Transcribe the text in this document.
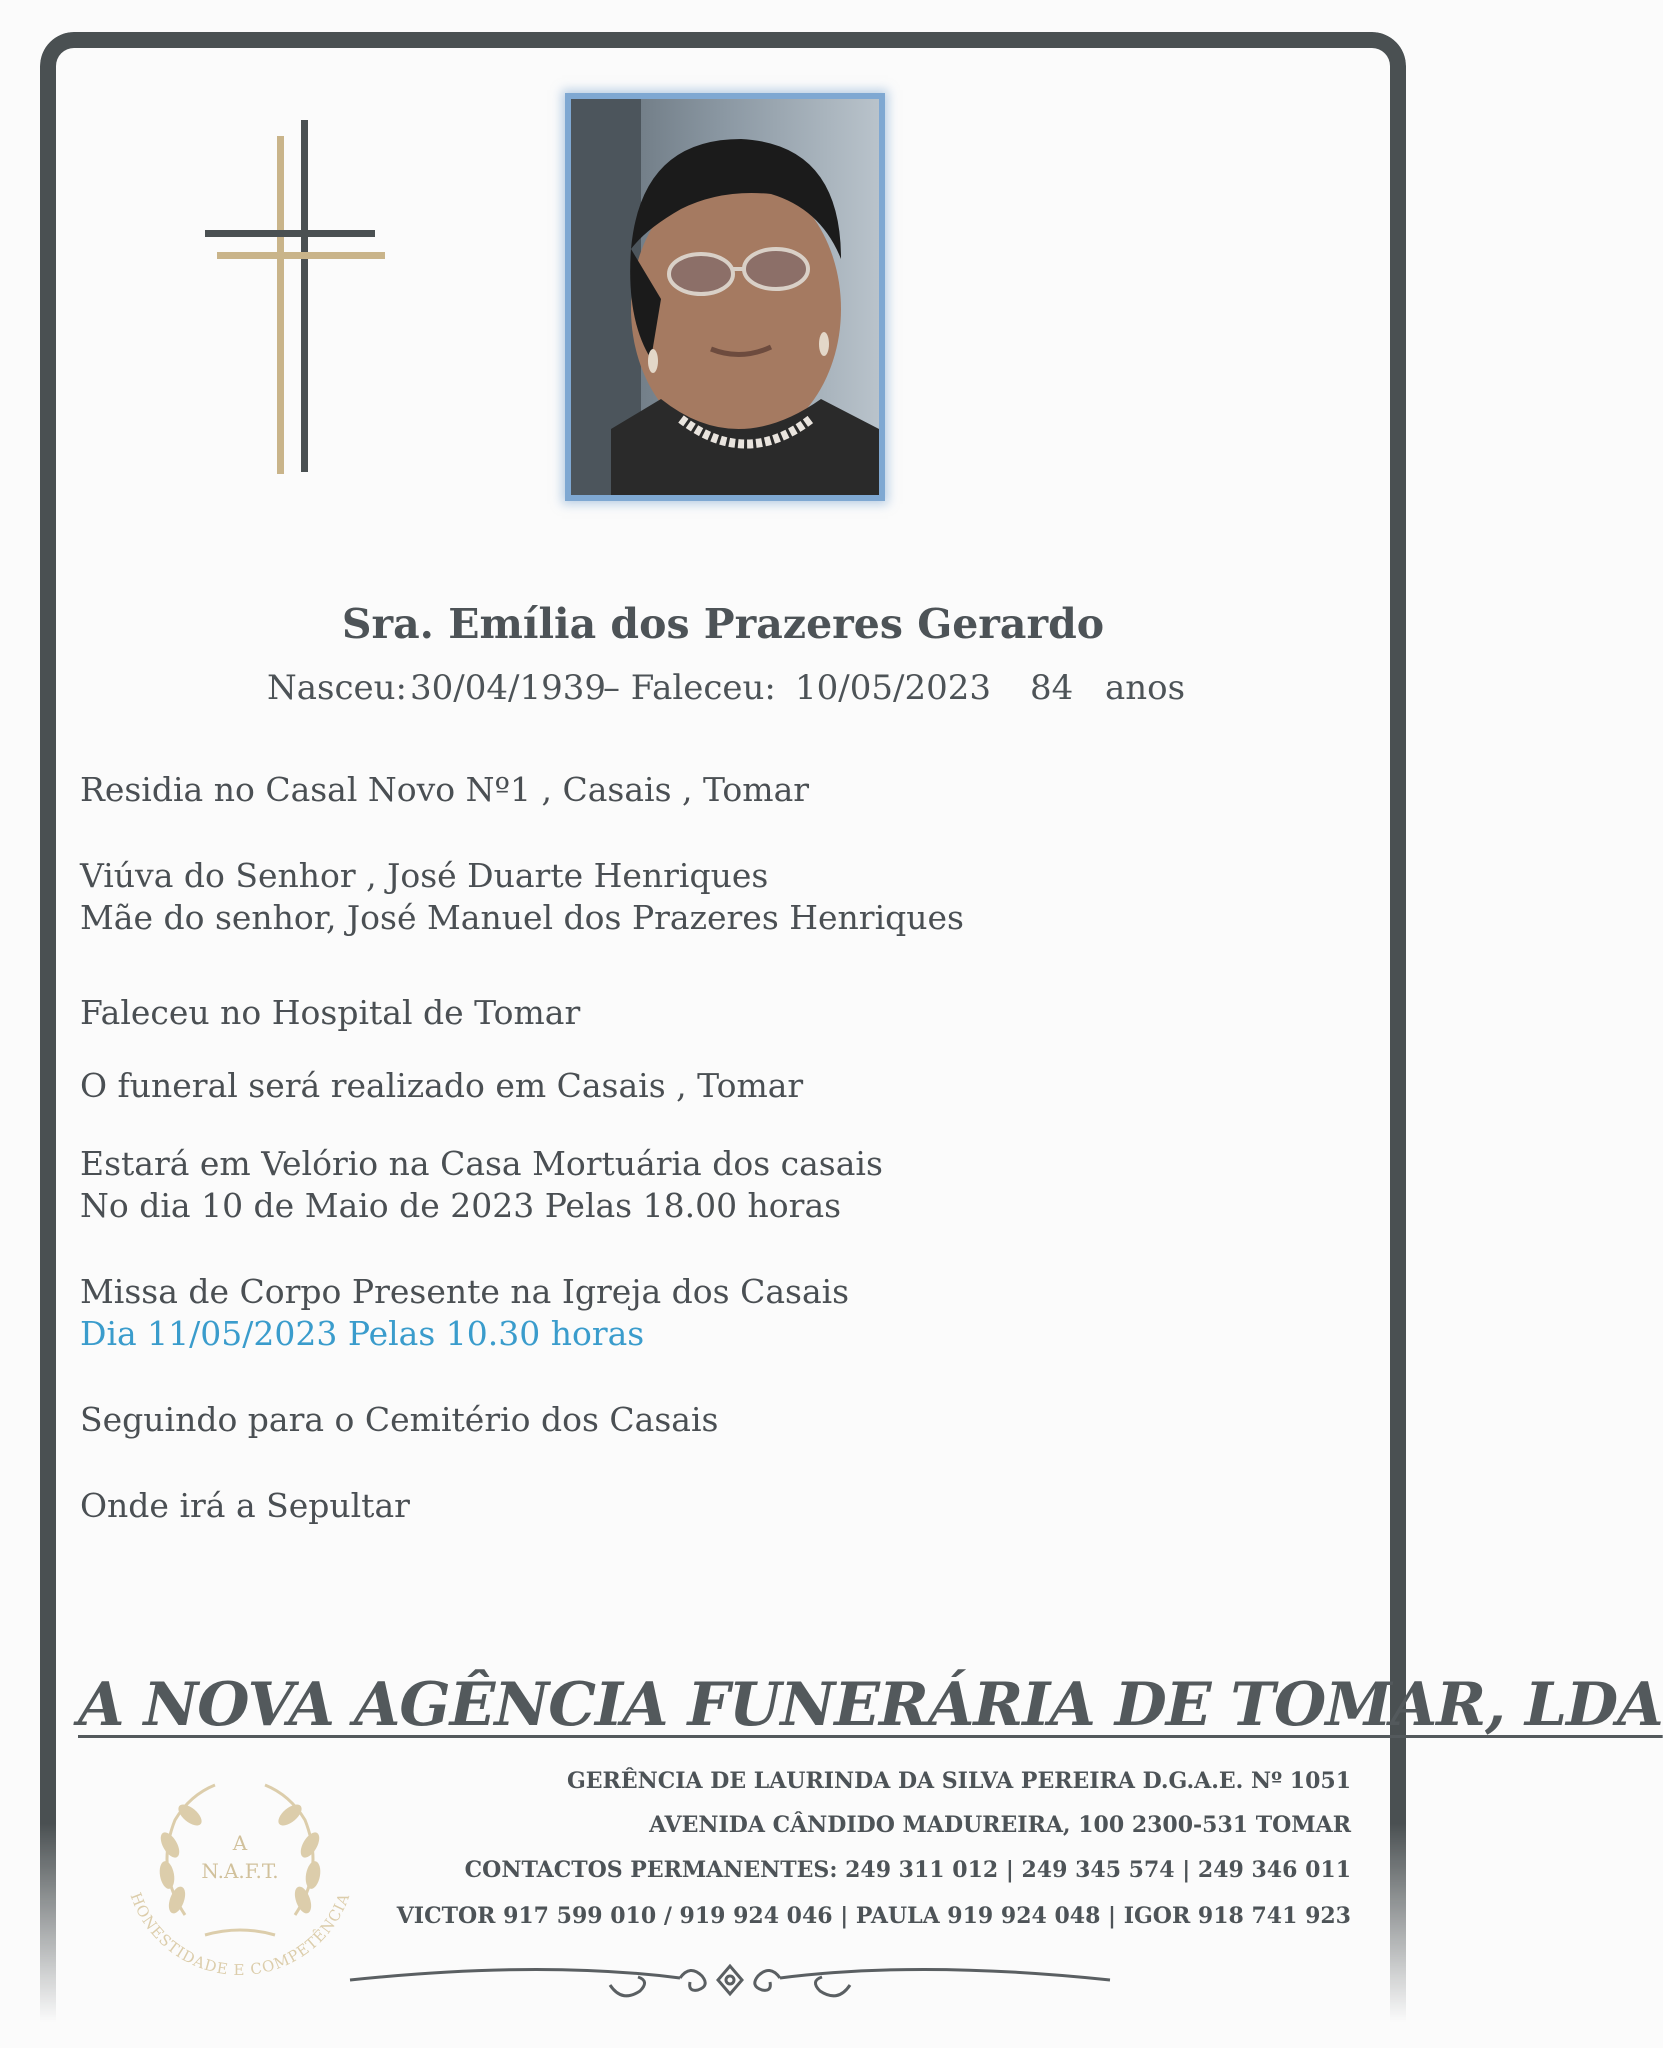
Sra. Emília dos Prazeres Gerardo
Nasceu: 30/04/1939
– Faleceu: 10/05/2023 84 anos
Residia no Casal Novo Nº1 , Casais , Tomar
Viúva do Senhor , José Duarte Henriques
Mãe do senhor, José Manuel dos Prazeres Henriques
Faleceu no Hospital de Tomar
O funeral será realizado em Casais , Tomar
Estará em Velório na Casa Mortuária dos casais
No dia 10 de Maio de 2023 Pelas 18.00 horas
Missa de Corpo Presente na Igreja dos Casais
Dia 11/05/2023 Pelas 10.30 horas
Seguindo para o Cemitério dos Casais
Onde irá a Sepultar
A NOVA AGÊNCIA FUNERÁRIA DE TOMAR, LDA
GERÊNCIA DE LAURINDA DA SILVA PEREIRA D.G.A.E. Nº 1051
AVENIDA CÂNDIDO MADUREIRA, 100 2300-531 TOMAR
CONTACTOS PERMANENTES: 249 311 012 | 249 345 574 | 249 346 011
VICTOR 917 599 010 / 919 924 046 | PAULA 919 924 048 | IGOR 918 741 923
A
N.A.F.T.
HONESTIDADE E COMPETÊNCIA
